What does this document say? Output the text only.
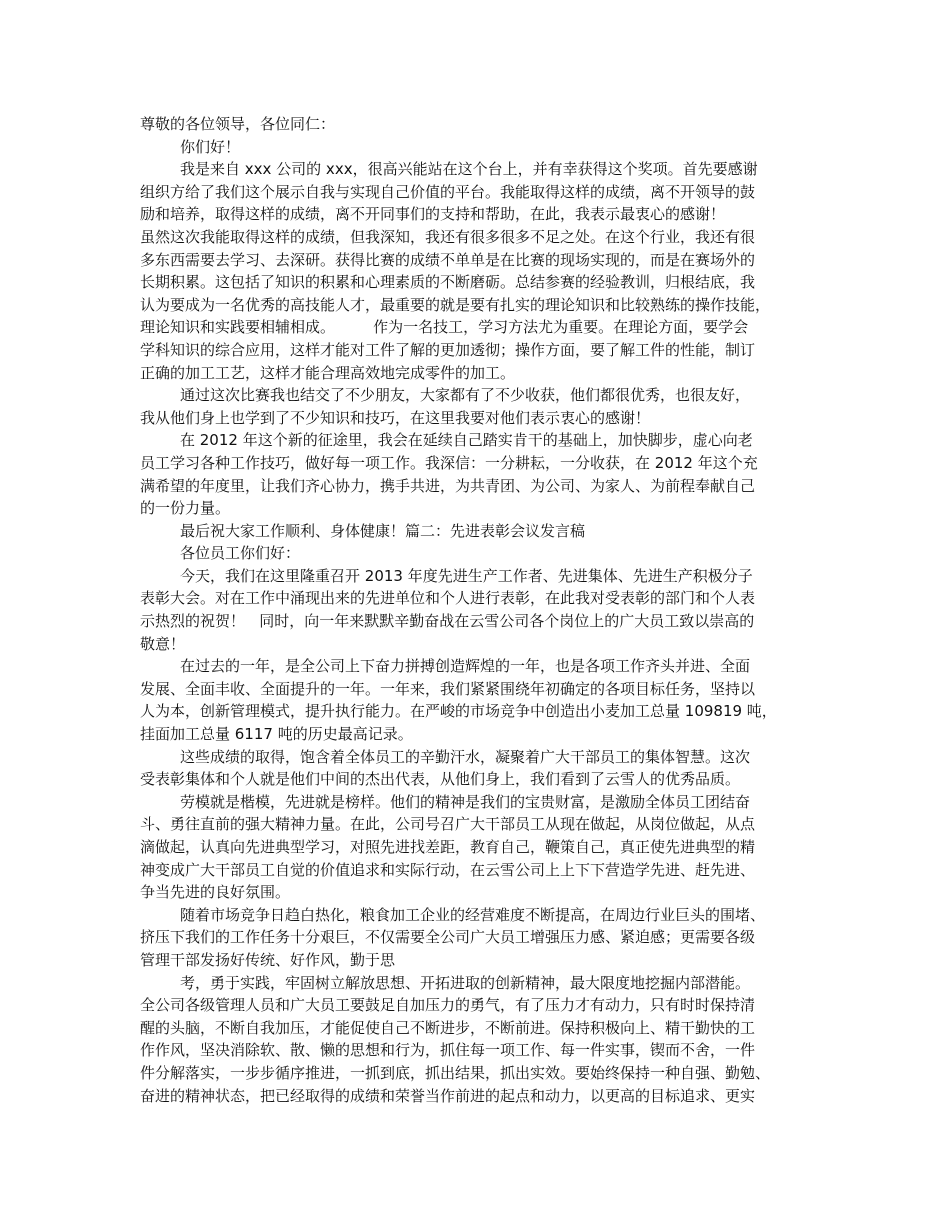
尊敬的各位领导，各位同仁：
你们好！
我是来自 xxx 公司的 xxx，很高兴能站在这个台上，并有幸获得这个奖项。首先要感谢
组织方给了我们这个展示自我与实现自己价值的平台。我能取得这样的成绩，离不开领导的鼓
励和培养，取得这样的成绩，离不开同事们的支持和帮助，在此，我表示最衷心的感谢！
虽然这次我能取得这样的成绩，但我深知，我还有很多很多不足之处。在这个行业，我还有很
多东西需要去学习、去深研。获得比赛的成绩不单单是在比赛的现场实现的，而是在赛场外的
长期积累。这包括了知识的积累和心理素质的不断磨砺。总结参赛的经验教训，归根结底，我
认为要成为一名优秀的高技能人才，最重要的就是要有扎实的理论知识和比较熟练的操作技能，
理论知识和实践要相辅相成。        作为一名技工，学习方法尤为重要。在理论方面，要学会
学科知识的综合应用，这样才能对工件了解的更加透彻；操作方面，要了解工件的性能，制订
正确的加工工艺，这样才能合理高效地完成零件的加工。
通过这次比赛我也结交了不少朋友，大家都有了不少收获，他们都很优秀，也很友好，
我从他们身上也学到了不少知识和技巧，在这里我要对他们表示衷心的感谢！
在 2012 年这个新的征途里，我会在延续自己踏实肯干的基础上，加快脚步，虚心向老
员工学习各种工作技巧，做好每一项工作。我深信：一分耕耘，一分收获，在 2012 年这个充
满希望的年度里，让我们齐心协力，携手共进，为共青团、为公司、为家人、为前程奉献自己
的一份力量。
最后祝大家工作顺利、身体健康！篇二：先进表彰会议发言稿
各位员工你们好：
今天，我们在这里隆重召开 2013 年度先进生产工作者、先进集体、先进生产积极分子
表彰大会。对在工作中涌现出来的先进单位和个人进行表彰，在此我对受表彰的部门和个人表
示热烈的祝贺！   同时，向一年来默默辛勤奋战在云雪公司各个岗位上的广大员工致以崇高的
敬意！
在过去的一年，是全公司上下奋力拼搏创造辉煌的一年，也是各项工作齐头并进、全面
发展、全面丰收、全面提升的一年。一年来，我们紧紧围绕年初确定的各项目标任务，坚持以
人为本，创新管理模式，提升执行能力。在严峻的市场竞争中创造出小麦加工总量 109819 吨，
挂面加工总量 6117 吨的历史最高记录。
这些成绩的取得，饱含着全体员工的辛勤汗水，凝聚着广大干部员工的集体智慧。这次
受表彰集体和个人就是他们中间的杰出代表，从他们身上，我们看到了云雪人的优秀品质。
劳模就是楷模，先进就是榜样。他们的精神是我们的宝贵财富，是激励全体员工团结奋
斗、勇往直前的强大精神力量。在此，公司号召广大干部员工从现在做起，从岗位做起，从点
滴做起，认真向先进典型学习，对照先进找差距，教育自己，鞭策自己，真正使先进典型的精
神变成广大干部员工自觉的价值追求和实际行动，在云雪公司上上下下营造学先进、赶先进、
争当先进的良好氛围。
随着市场竞争日趋白热化，粮食加工企业的经营难度不断提高，在周边行业巨头的围堵、
挤压下我们的工作任务十分艰巨，不仅需要全公司广大员工增强压力感、紧迫感；更需要各级
管理干部发扬好传统、好作风，勤于思
考，勇于实践，牢固树立解放思想、开拓进取的创新精神，最大限度地挖掘内部潜能。
全公司各级管理人员和广大员工要鼓足自加压力的勇气，有了压力才有动力，只有时时保持清
醒的头脑，不断自我加压，才能促使自己不断进步，不断前进。保持积极向上、精干勤快的工
作作风，坚决消除软、散、懒的思想和行为，抓住每一项工作、每一件实事，锲而不舍，一件
件分解落实，一步步循序推进，一抓到底，抓出结果，抓出实效。要始终保持一种自强、勤勉、
奋进的精神状态，把已经取得的成绩和荣誉当作前进的起点和动力，以更高的目标追求、更实
